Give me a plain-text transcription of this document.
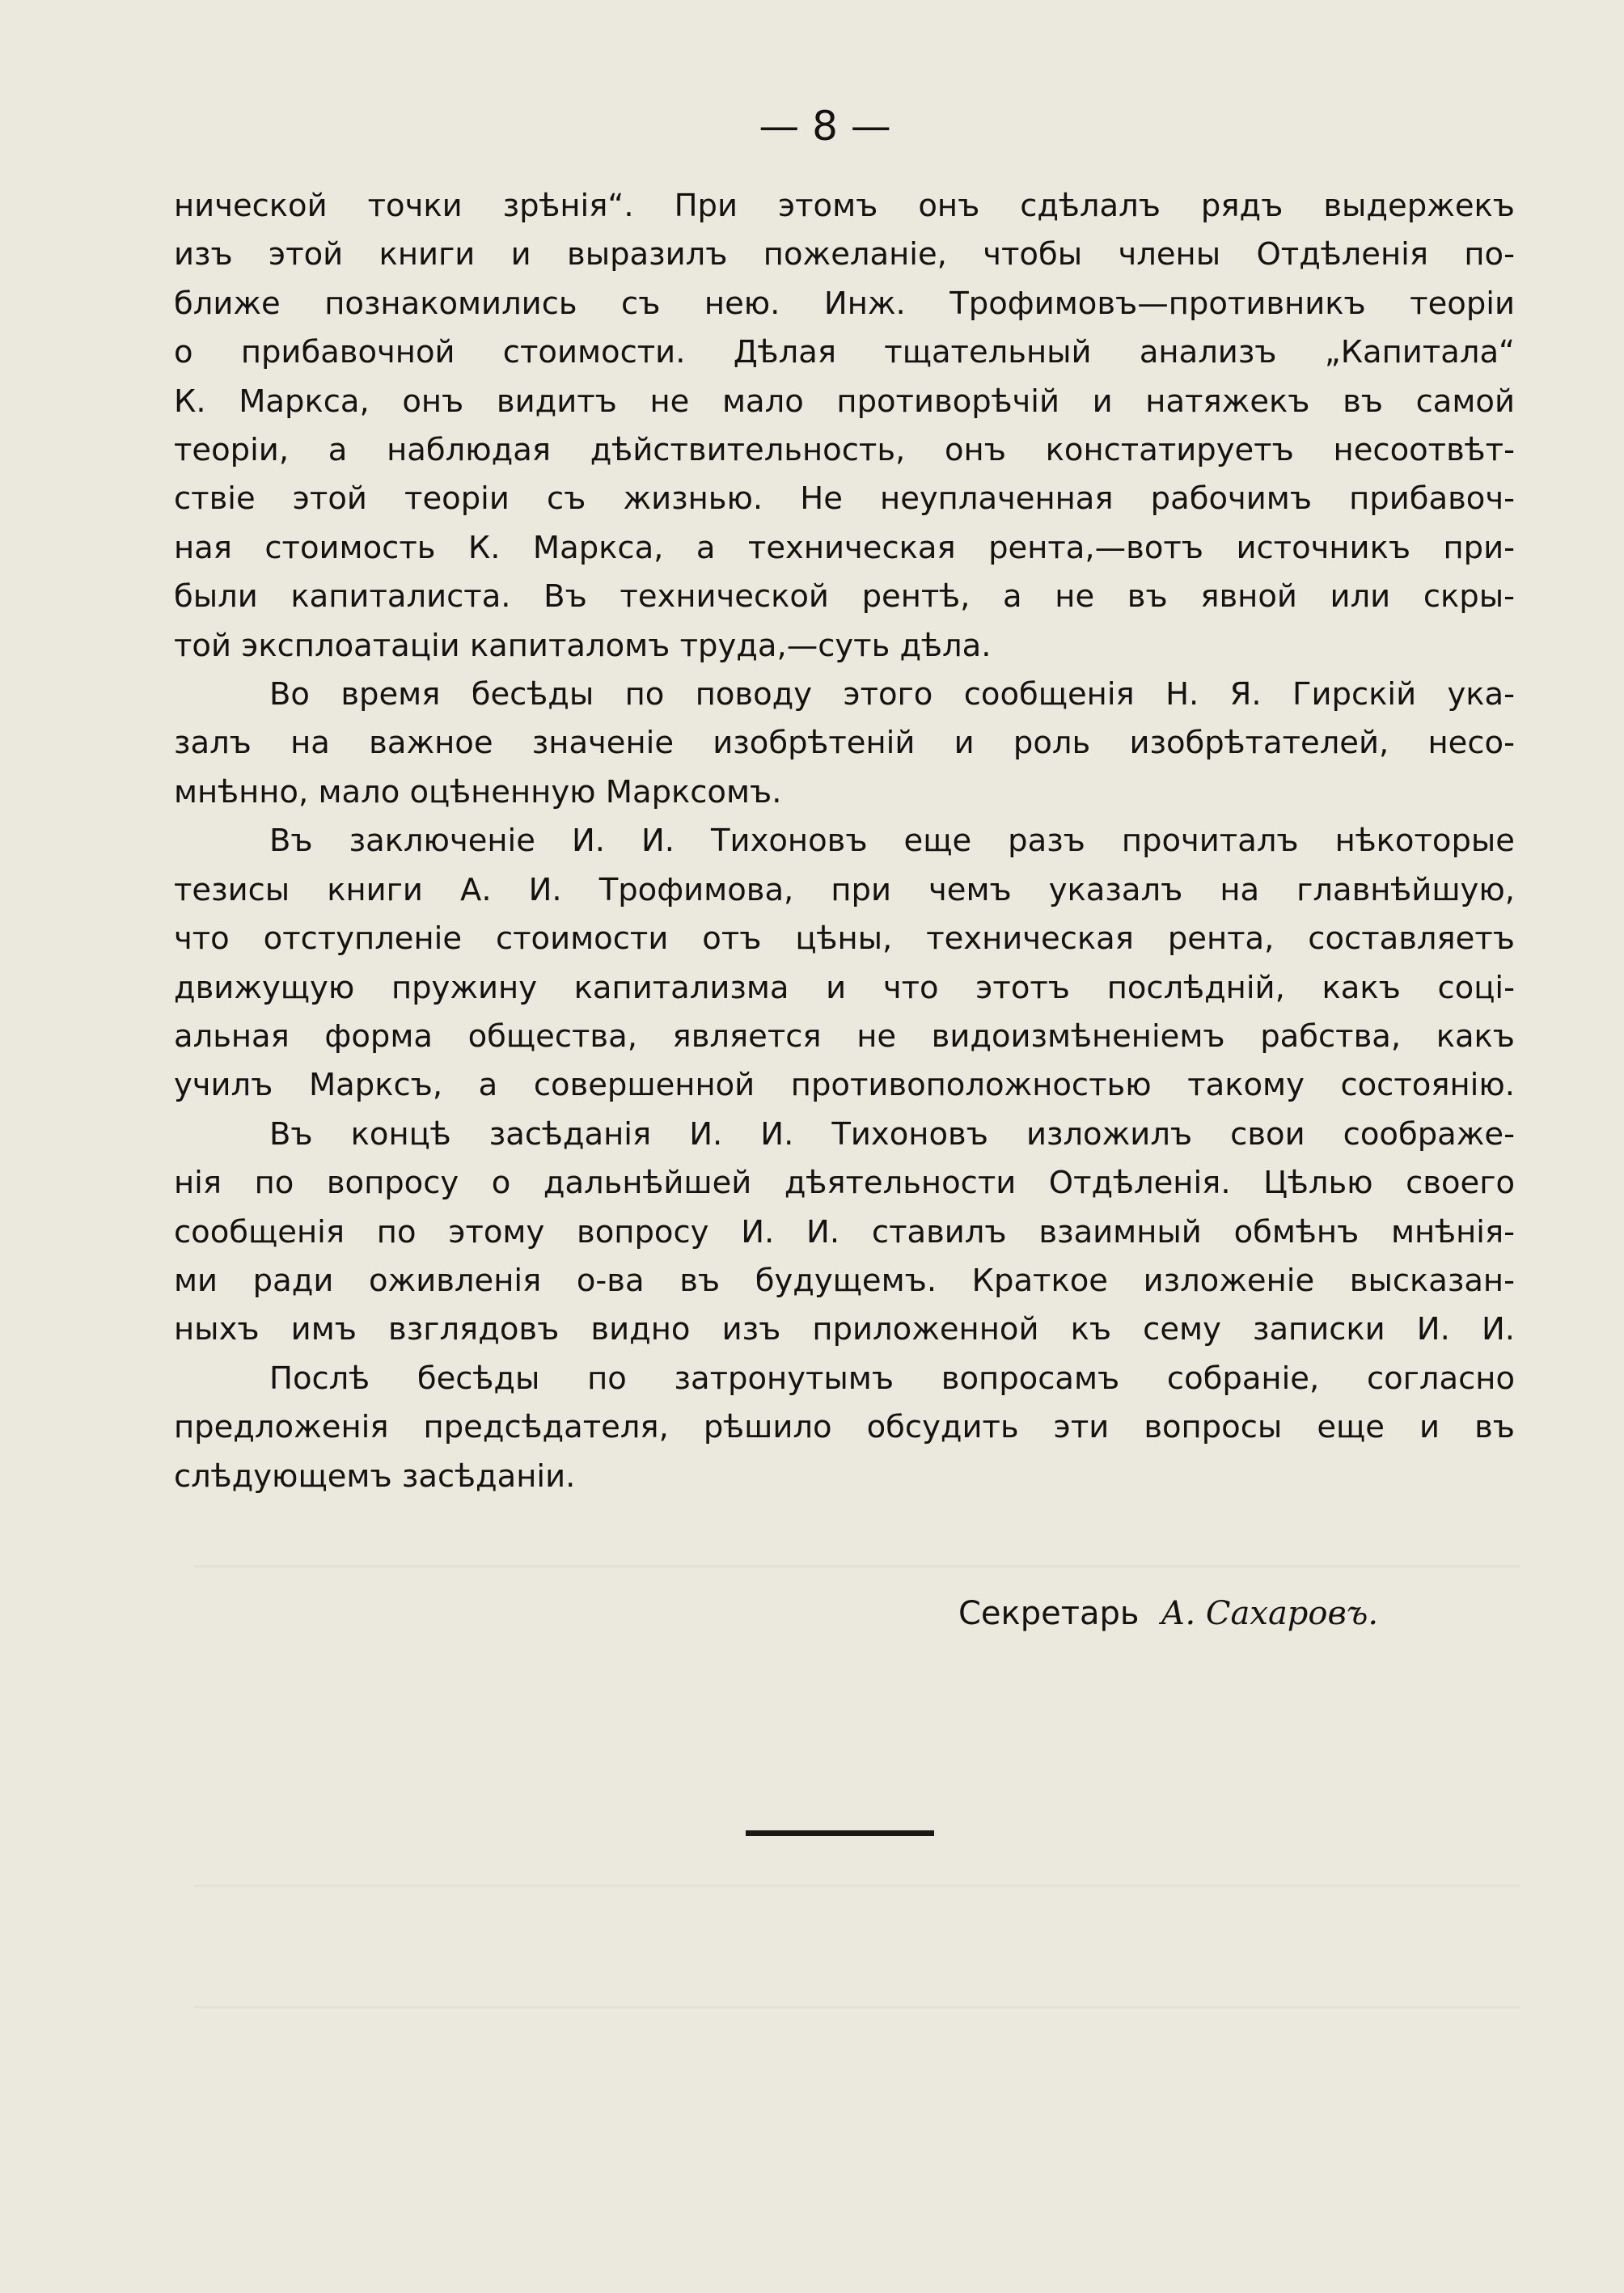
— 8 —

нической точки зрѣнія“. При этомъ онъ сдѣлалъ рядъ выдержекъ
изъ этой книги и выразилъ пожеланіе, чтобы члены Отдѣленія по-
ближе познакомились съ нею. Инж. Трофимовъ—противникъ теоріи
о прибавочной стоимости. Дѣлая тщательный анализъ „Капитала“
К. Маркса, онъ видитъ не мало противорѣчій и натяжекъ въ самой
теоріи, а наблюдая дѣйствительность, онъ констатируетъ несоотвѣт-
ствіе этой теоріи съ жизнью. Не неуплаченная рабочимъ прибавоч-
ная стоимость К. Маркса, а техническая рента,—вотъ источникъ при-
были капиталиста. Въ технической рентѣ, а не въ явной или скры-
той эксплоатаціи капиталомъ труда,—суть дѣла.

Во время бесѣды по поводу этого сообщенія Н. Я. Гирскій ука-
залъ на важное значеніе изобрѣтеній и роль изобрѣтателей, несо-
мнѣнно, мало оцѣненную Марксомъ.

Въ заключеніе И. И. Тихоновъ еще разъ прочиталъ нѣкоторые
тезисы книги А. И. Трофимова, при чемъ указалъ на главнѣйшую,
что отступленіе стоимости отъ цѣны, техническая рента, составляетъ
движущую пружину капитализма и что этотъ послѣдній, какъ соці-
альная форма общества, является не видоизмѣненіемъ рабства, какъ
училъ Марксъ, а совершенной противоположностью такому состоянію.

Въ концѣ засѣданія И. И. Тихоновъ изложилъ свои соображе-
нія по вопросу о дальнѣйшей дѣятельности Отдѣленія. Цѣлью своего
сообщенія по этому вопросу И. И. ставилъ взаимный обмѣнъ мнѣнія-
ми ради оживленія о-ва въ будущемъ. Краткое изложеніе высказан-
ныхъ имъ взглядовъ видно изъ приложенной къ сему записки И. И.

Послѣ бесѣды по затронутымъ вопросамъ собраніе, согласно
предложенія предсѣдателя, рѣшило обсудить эти вопросы еще и въ
слѣдующемъ засѣданіи.

Секретарь А. Сахаровъ.
